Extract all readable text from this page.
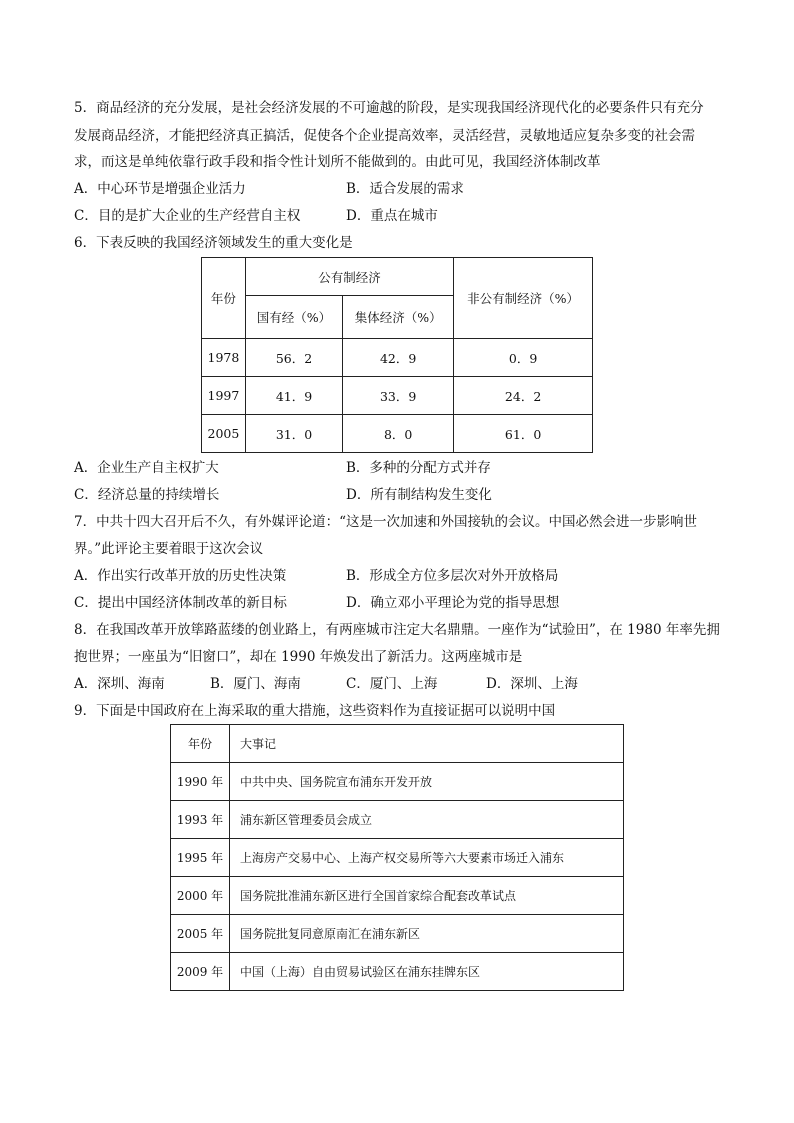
5．商品经济的充分发展，是社会经济发展的不可逾越的阶段，是实现我国经济现代化的必要条件只有充分
发展商品经济，才能把经济真正搞活，促使各个企业提高效率，灵活经营，灵敏地适应复杂多变的社会需
求，而这是单纯依靠行政手段和指令性计划所不能做到的。由此可见，我国经济体制改革
A．中心环节是增强企业活力	B．适合发展的需求
C．目的是扩大企业的生产经营自主权	D．重点在城市
6．下表反映的我国经济领域发生的重大变化是
年份	公有制经济		非公有制经济（%）
	国有经（%）	集体经济（%）	
1978	56．2	42．9	0．9
1997	41．9	33．9	24．2
2005	31．0	8．0	61．0
A．企业生产自主权扩大	B．多种的分配方式并存
C．经济总量的持续增长	D．所有制结构发生变化
7．中共十四大召开后不久，有外媒评论道：“这是一次加速和外国接轨的会议。中国必然会进一步影响世
界。”此评论主要着眼于这次会议
A．作出实行改革开放的历史性决策	B．形成全方位多层次对外开放格局
C．提出中国经济体制改革的新目标	D．确立邓小平理论为党的指导思想
8．在我国改革开放筚路蓝缕的创业路上，有两座城市注定大名鼎鼎。一座作为“试验田”，在 1980 年率先拥
抱世界；一座虽为“旧窗口”，却在 1990 年焕发出了新活力。这两座城市是
A．深圳、海南	B．厦门、海南	C．厦门、上海	D．深圳、上海
9．下面是中国政府在上海采取的重大措施，这些资料作为直接证据可以说明中国
年份	大事记
1990 年	中共中央、国务院宣布浦东开发开放
1993 年	浦东新区管理委员会成立
1995 年	上海房产交易中心、上海产权交易所等六大要素市场迁入浦东
2000 年	国务院批准浦东新区进行全国首家综合配套改革试点
2005 年	国务院批复同意原南汇在浦东新区
2009 年	中国（上海）自由贸易试验区在浦东挂牌东区
